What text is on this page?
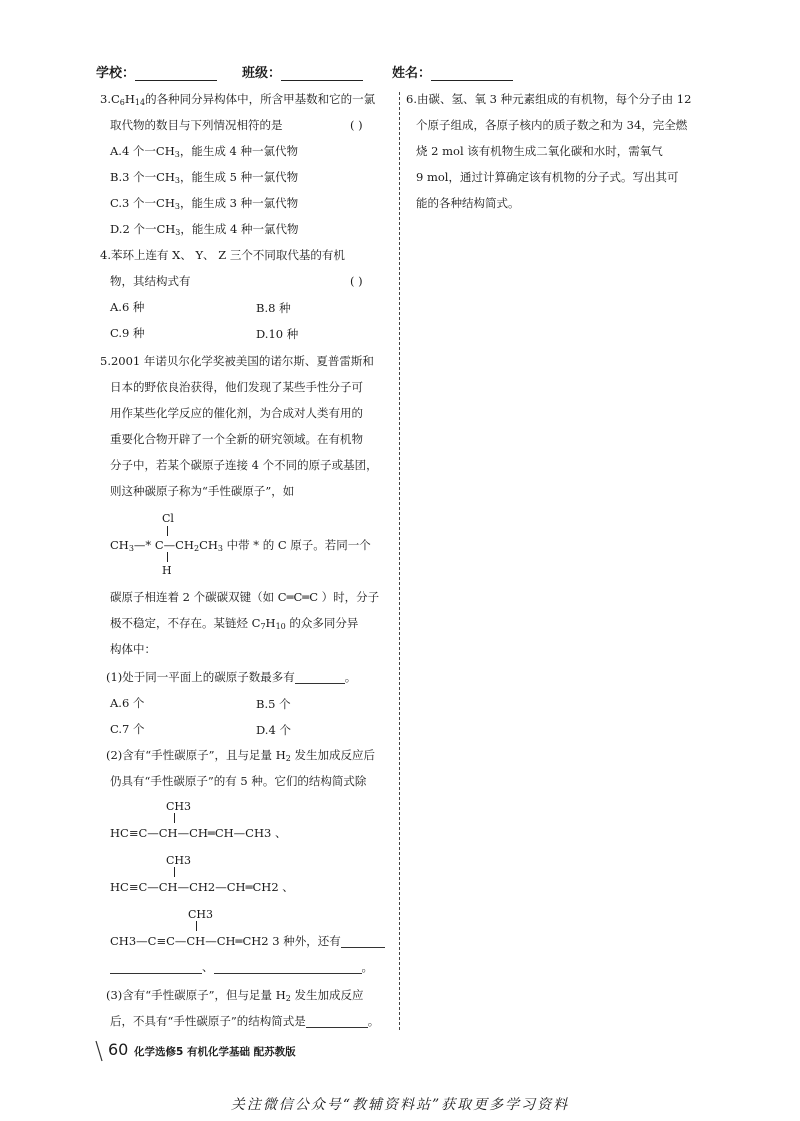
学校：	班级：	姓名：
$3.C_6H_{14}$的各种同分异构体中，所含甲基数和它的一氯
取代物的数目与下列情况相符的是	( )
A.4 个一$CH_3$，能生成 4 种一氯代物
B.3 个一$CH_3$，能生成 5 种一氯代物
C.3 个一$CH_3$，能生成 3 种一氯代物
D.2 个一$CH_3$，能生成 4 种一氯代物
4.苯环上连有 X、 Y、 Z 三个不同取代基的有机
物，其结构式有	( )
A.6 种	B.8 种
C.9 种	D.10 种
5.2001 年诺贝尔化学奖被美国的诺尔斯、夏普雷斯和
日本的野依良治获得，他们发现了某些手性分子可
用作某些化学反应的催化剂，为合成对人类有用的
重要化合物开辟了一个全新的研究领域。在有机物
分子中，若某个碳原子连接 4 个不同的原子或基团，
则这种碳原子称为“手性碳原子”，如
Cl
$CH_3—*$ $C—CH_2CH_3$ 中带 * 的 C 原子。若同一个
H
碳原子相连着 2 个碳碳双键（如 C═C═C ）时，分子
极不稳定，不存在。某链烃 $C_7H_{10}$ 的众多同分异
构体中：
(1)处于同一平面上的碳原子数最多有	。
A.6 个	B.5 个
C.7 个	D.4 个
(2)含有“手性碳原子”，且与足量 $H_2$ 发生加成反应后
仍具有“手性碳原子”的有 5 种。它们的结构简式除
CH3
HC≡C—CH—CH═CH—CH3 、
CH3
HC≡C—CH—CH2—CH═CH2 、
CH3
CH3—C≡C—CH—CH═CH2 3 种外，还有
、	。
(3)含有“手性碳原子”，但与足量 $H_2$ 发生加成反应
后，不具有“手性碳原子”的结构简式是	。
6.由碳、氢、氧 3 种元素组成的有机物，每个分子由 12
个原子组成，各原子核内的质子数之和为 34，完全燃
烧 2 mol 该有机物生成二氧化碳和水时，需氧气
9 mol，通过计算确定该有机物的分子式。写出其可
能的各种结构简式。
60 化学选修5 有机化学基础 配苏教版
关注微信公众号“教辅资料站”获取更多学习资料
